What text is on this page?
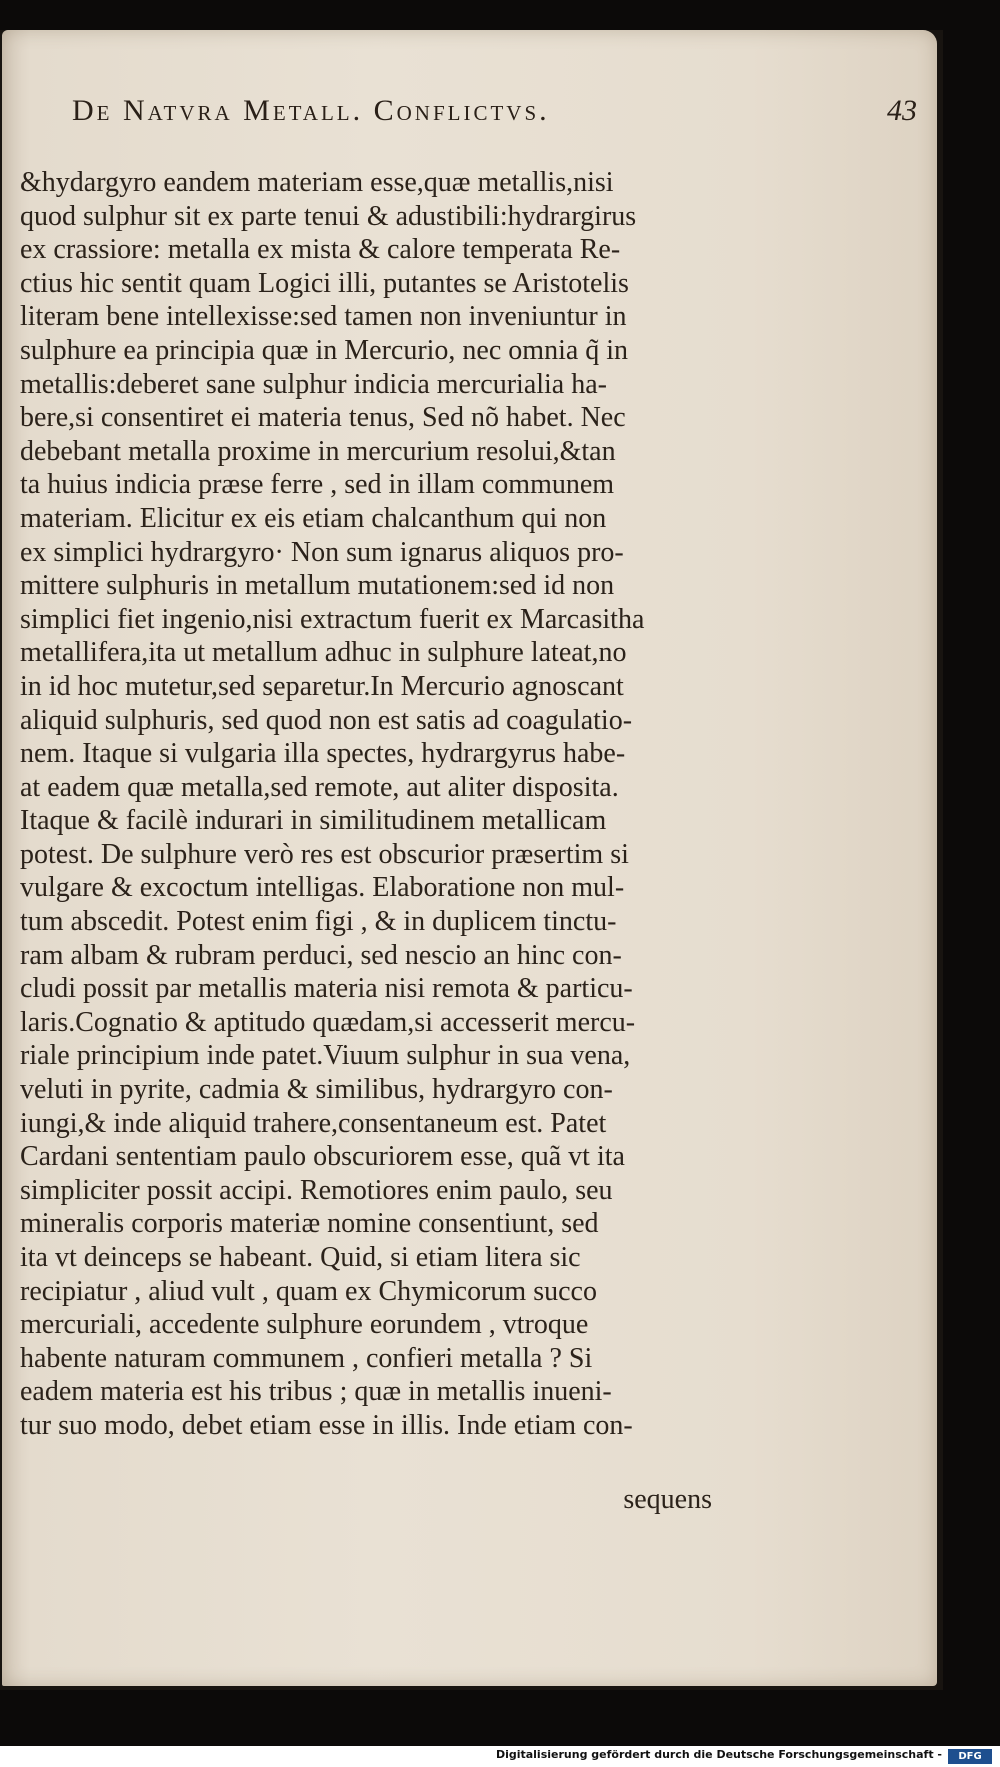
De Natvra Metall. Conflictvs.	43
&hydargyro eandem materiam esse,quæ metallis,nisi
quod sulphur sit ex parte tenui & adustibili:hydrargirus
ex crassiore: metalla ex mista & calore temperata Re-
ctius hic sentit quam Logici illi, putantes se Aristotelis
literam bene intellexisse:sed tamen non inveniuntur in
sulphure ea principia quæ in Mercurio, nec omnia q̃ in
metallis:deberet sane sulphur indicia mercurialia ha-
bere,si consentiret ei materia tenus, Sed nõ habet. Nec
debebant metalla proxime in mercurium resolui,&tan
ta huius indicia præse ferre , sed in illam communem
materiam. Elicitur ex eis etiam chalcanthum qui non
ex simplici hydrargyro· Non sum ignarus aliquos pro-
mittere sulphuris in metallum mutationem:sed id non
simplici fiet ingenio,nisi extractum fuerit ex Marcasitha
metallifera,ita ut metallum adhuc in sulphure lateat,no
in id hoc mutetur,sed separetur.In Mercurio agnoscant
aliquid sulphuris, sed quod non est satis ad coagulatio-
nem. Itaque si vulgaria illa spectes, hydrargyrus habe-
at eadem quæ metalla,sed remote, aut aliter disposita.
Itaque & facilè indurari in similitudinem metallicam
potest. De sulphure verò res est obscurior præsertim si
vulgare & excoctum intelligas. Elaboratione non mul-
tum abscedit. Potest enim figi , & in duplicem tinctu-
ram albam & rubram perduci, sed nescio an hinc con-
cludi possit par metallis materia nisi remota & particu-
laris.Cognatio & aptitudo quædam,si accesserit mercu-
riale principium inde patet.Viuum sulphur in sua vena,
veluti in pyrite, cadmia & similibus, hydrargyro con-
iungi,& inde aliquid trahere,consentaneum est. Patet
Cardani sententiam paulo obscuriorem esse, quã vt ita
simpliciter possit accipi. Remotiores enim paulo, seu
mineralis corporis materiæ nomine consentiunt, sed
ita vt deinceps se habeant. Quid, si etiam litera sic
recipiatur , aliud vult , quam ex Chymicorum succo
mercuriali, accedente sulphure eorundem , vtroque
habente naturam communem , confieri metalla ? Si
eadem materia est his tribus ; quæ in metallis inueni-
tur suo modo, debet etiam esse in illis. Inde etiam con-
sequens
Digitalisierung gefördert durch die Deutsche Forschungsgemeinschaft -	DFG
